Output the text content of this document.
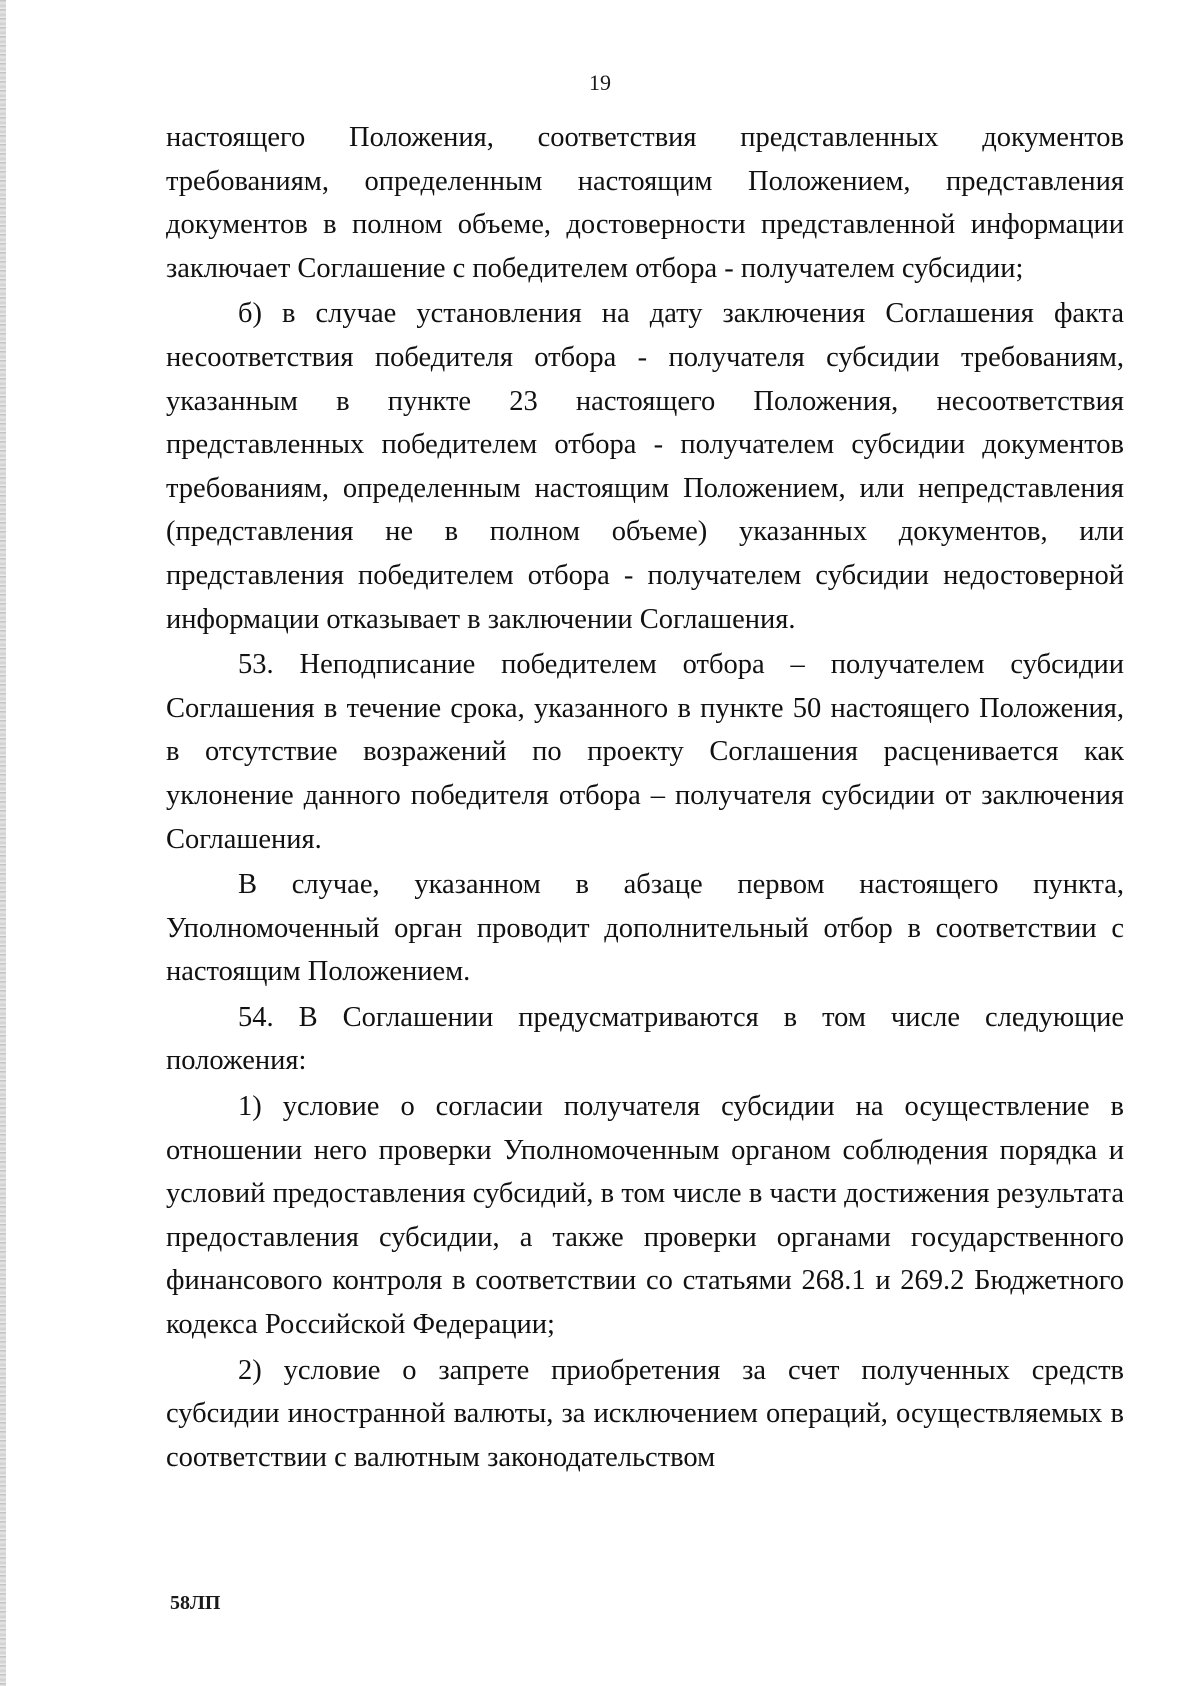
19

настоящего Положения, соответствия представленных документов требованиям, определенным настоящим Положением, представления документов в полном объеме, достоверности представленной информации заключает Соглашение с победителем отбора - получателем субсидии;

б) в случае установления на дату заключения Соглашения факта несоответствия победителя отбора - получателя субсидии требованиям, указанным в пункте 23 настоящего Положения, несоответствия представленных победителем отбора - получателем субсидии документов требованиям, определенным настоящим Положением, или непредставления (представления не в полном объеме) указанных документов, или представления победителем отбора - получателем субсидии недостоверной информации отказывает в заключении Соглашения.

53. Неподписание победителем отбора – получателем субсидии Соглашения в течение срока, указанного в пункте 50 настоящего Положения, в отсутствие возражений по проекту Соглашения расценивается как уклонение данного победителя отбора – получателя субсидии от заключения Соглашения.

В случае, указанном в абзаце первом настоящего пункта, Уполномоченный орган проводит дополнительный отбор в соответствии с настоящим Положением.

54. В Соглашении предусматриваются в том числе следующие положения:

1) условие о согласии получателя субсидии на осуществление в отношении него проверки Уполномоченным органом соблюдения порядка и условий предоставления субсидий, в том числе в части достижения результата предоставления субсидии, а также проверки органами государственного финансового контроля в соответствии со статьями 268.1 и 269.2 Бюджетного кодекса Российской Федерации;

2) условие о запрете приобретения за счет полученных средств субсидии иностранной валюты, за исключением операций, осуществляемых в соответствии с валютным законодательством

58ЛП
